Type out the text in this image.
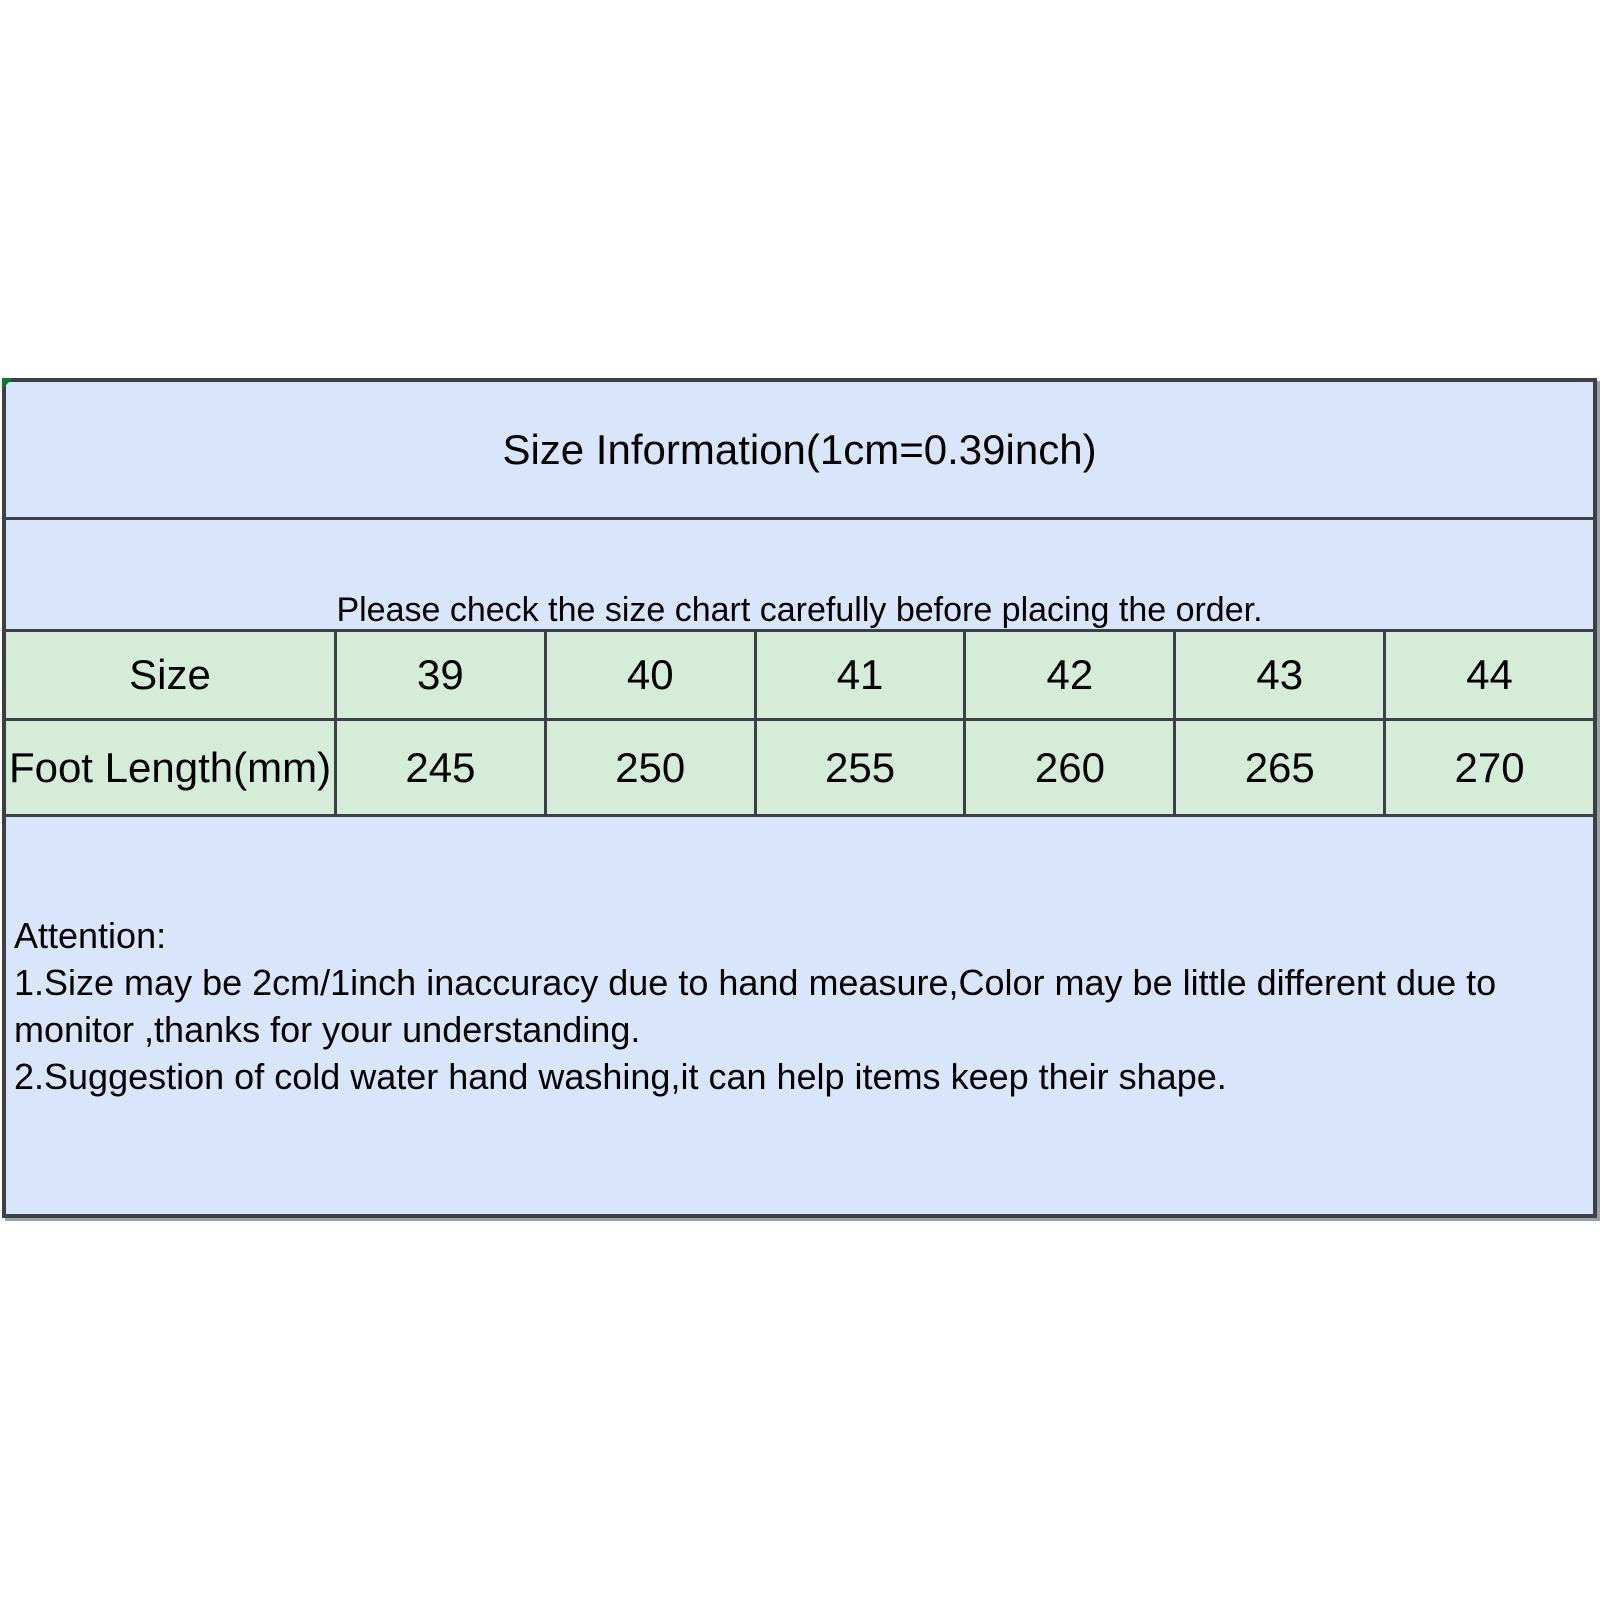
Size Information(1cm=0.39inch)
Please check the size chart carefully before placing the order.
Size	39	40	41	42	43	44
Foot Length(mm)	245	250	255	260	265	270
Attention:
1.Size may be 2cm/1inch inaccuracy due to hand measure,Color may be little different due to
monitor ,thanks for your understanding.
2.Suggestion of cold water hand washing,it can help items keep their shape.
